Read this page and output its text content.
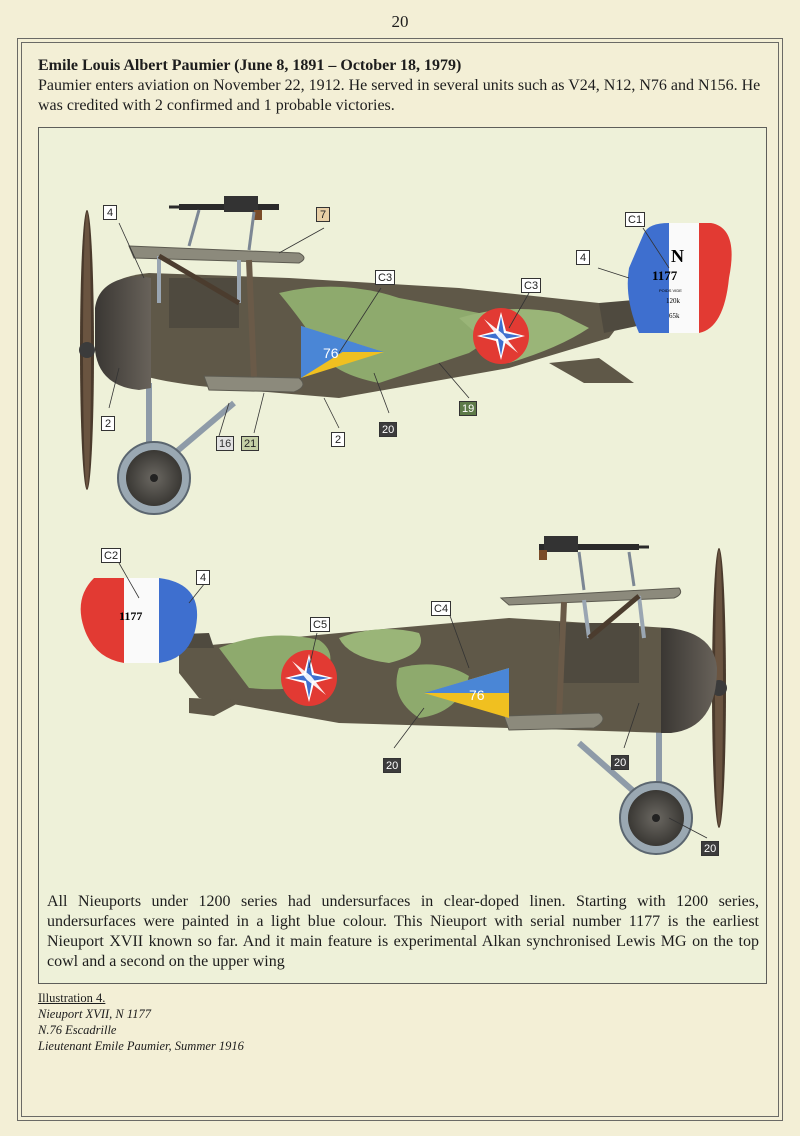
20
Emile Louis Albert Paumier (June 8, 1891 – October 18, 1979)
Paumier enters aviation on November 22, 1912. He served in several units such as V24, N12, N76 and N156. He was credited with 2 confirmed and 1 probable victories.
N
1177
POIDS VIDE
120k
65k
76
1177
76
4	7	C1
4
C3
C3
2
16 21	2
20
19
C2
4
C5
C4
20	20
20
All Nieuports under 1200 series had undersurfaces in clear-doped linen. Starting with 1200 series, undersurfaces were painted in a light blue colour. This Nieuport with serial number 1177 is the earliest Nieuport XVII known so far. And it main feature is experimental Alkan synchronised Lewis MG on the top cowl and a second on the upper wing
Illustration 4.
Nieuport XVII, N 1177
N.76 Escadrille
Lieutenant Emile Paumier, Summer 1916
